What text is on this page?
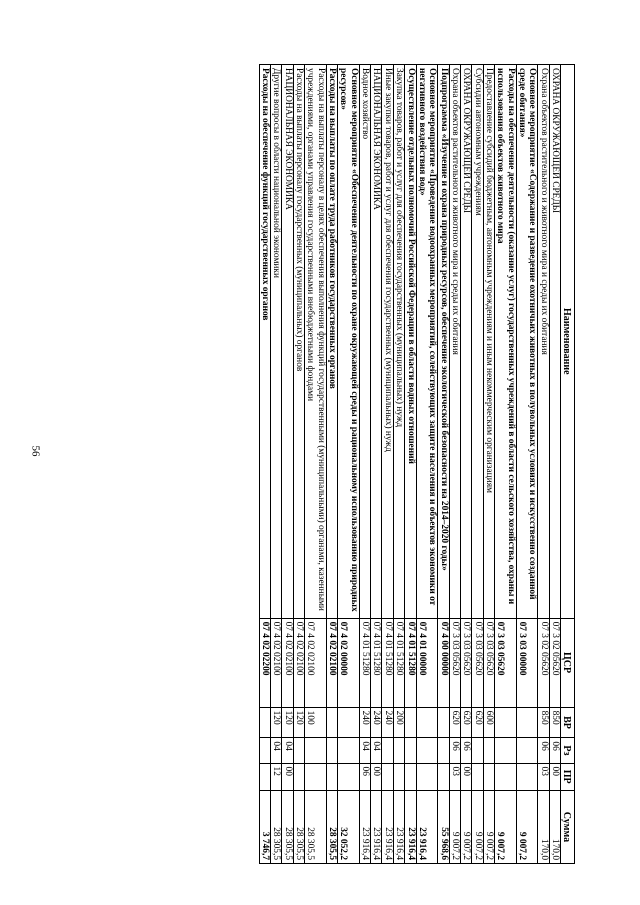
56
Наименование	ЦСР	ВР	Рз	ПР	Сумма
ОХРАНА ОКРУЖАЮЩЕЙ СРЕДЫ	07 3 02 05620	850	06	00	170,0
Охрана объектов растительного и животного мира и среды их обитания	07 3 02 05620	850	06	03	170,0
Основное мероприятие «Содержание и разведение охотничьих животных в полувольных условиях и искусственно созданной среде обитания»	07 3 03 00000				9 007,2
Расходы на обеспечение деятельности (оказание услуг) государственных учреждений в области сельского хозяйства, охраны и использования объектов животного мира	07 3 03 05620				9 007,2
Предоставление субсидий бюджетным, автономным учреждениям и иным некоммерческим организациям	07 3 03 05620	600			9 007,2
Субсидии автономным учреждениям	07 3 03 05620	620			9 007,2
ОХРАНА ОКРУЖАЮЩЕЙ СРЕДЫ	07 3 03 05620	620	06	00	9 007,2
Охрана объектов растительного и животного мира и среды их обитания	07 3 03 05620	620	06	03	9 007,2
Подпрограмма «Изучение и охрана природных ресурсов, обеспечение экологической безопасности на 2014–2020 годы»	07 4 00 00000				55 968,6
Основное мероприятие «Проведение водоохранных мероприятий, солействующих защите населения и объектов экономики от негативного воздействия вод»	07 4 01 00000				23 916,4
Осуществление отдельных полномочий Российской Федерации в области водных отношений	07 4 01 51280				23 916,4
Закупка товаров, работ и услуг для обеспечения государственных (муниципальных) нужд	07 4 01 51280	200			23 916,4
Иные закупки товаров, работ и услуг для обеспечения государственных (муниципальных) нужд	07 4 01 51280	240			23 916,4
НАЦИОНАЛЬНАЯ ЭКОНОМИКА	07 4 01 51280	240	04	00	23 916,4
Водное хозяйство	07 4 01 51280	240	04	06	23 916,4
Основное мероприятие «Обеспечение деятельности по охране окружающей среды и рациональному использованию природных ресурсов»	07 4 02 00000				32 052,2
Расходы на выплаты по оплате труда работников государственных органов	07 4 02 02100				28 305,5
Расходы на выплаты персоналу в целях обеспечения выполнения функций государственными (муниципальными) органами, казенными учреждениями, органами управления государственными внебюджетными фондами	07 4 02 02100	100			28 305,5
Расходы на выплаты персоналу государственных (муниципальных) органов	07 4 02 02100	120			28 305,5
НАЦИОНАЛЬНАЯ ЭКОНОМИКА	07 4 02 02100	120	04	00	28 305,5
Другие вопросы в области национальной экономики	07 4 02 02100	120	04	12	28 305,5
Расходы на обеспечение функций государственных органов	07 4 02 02200				3 746,7
